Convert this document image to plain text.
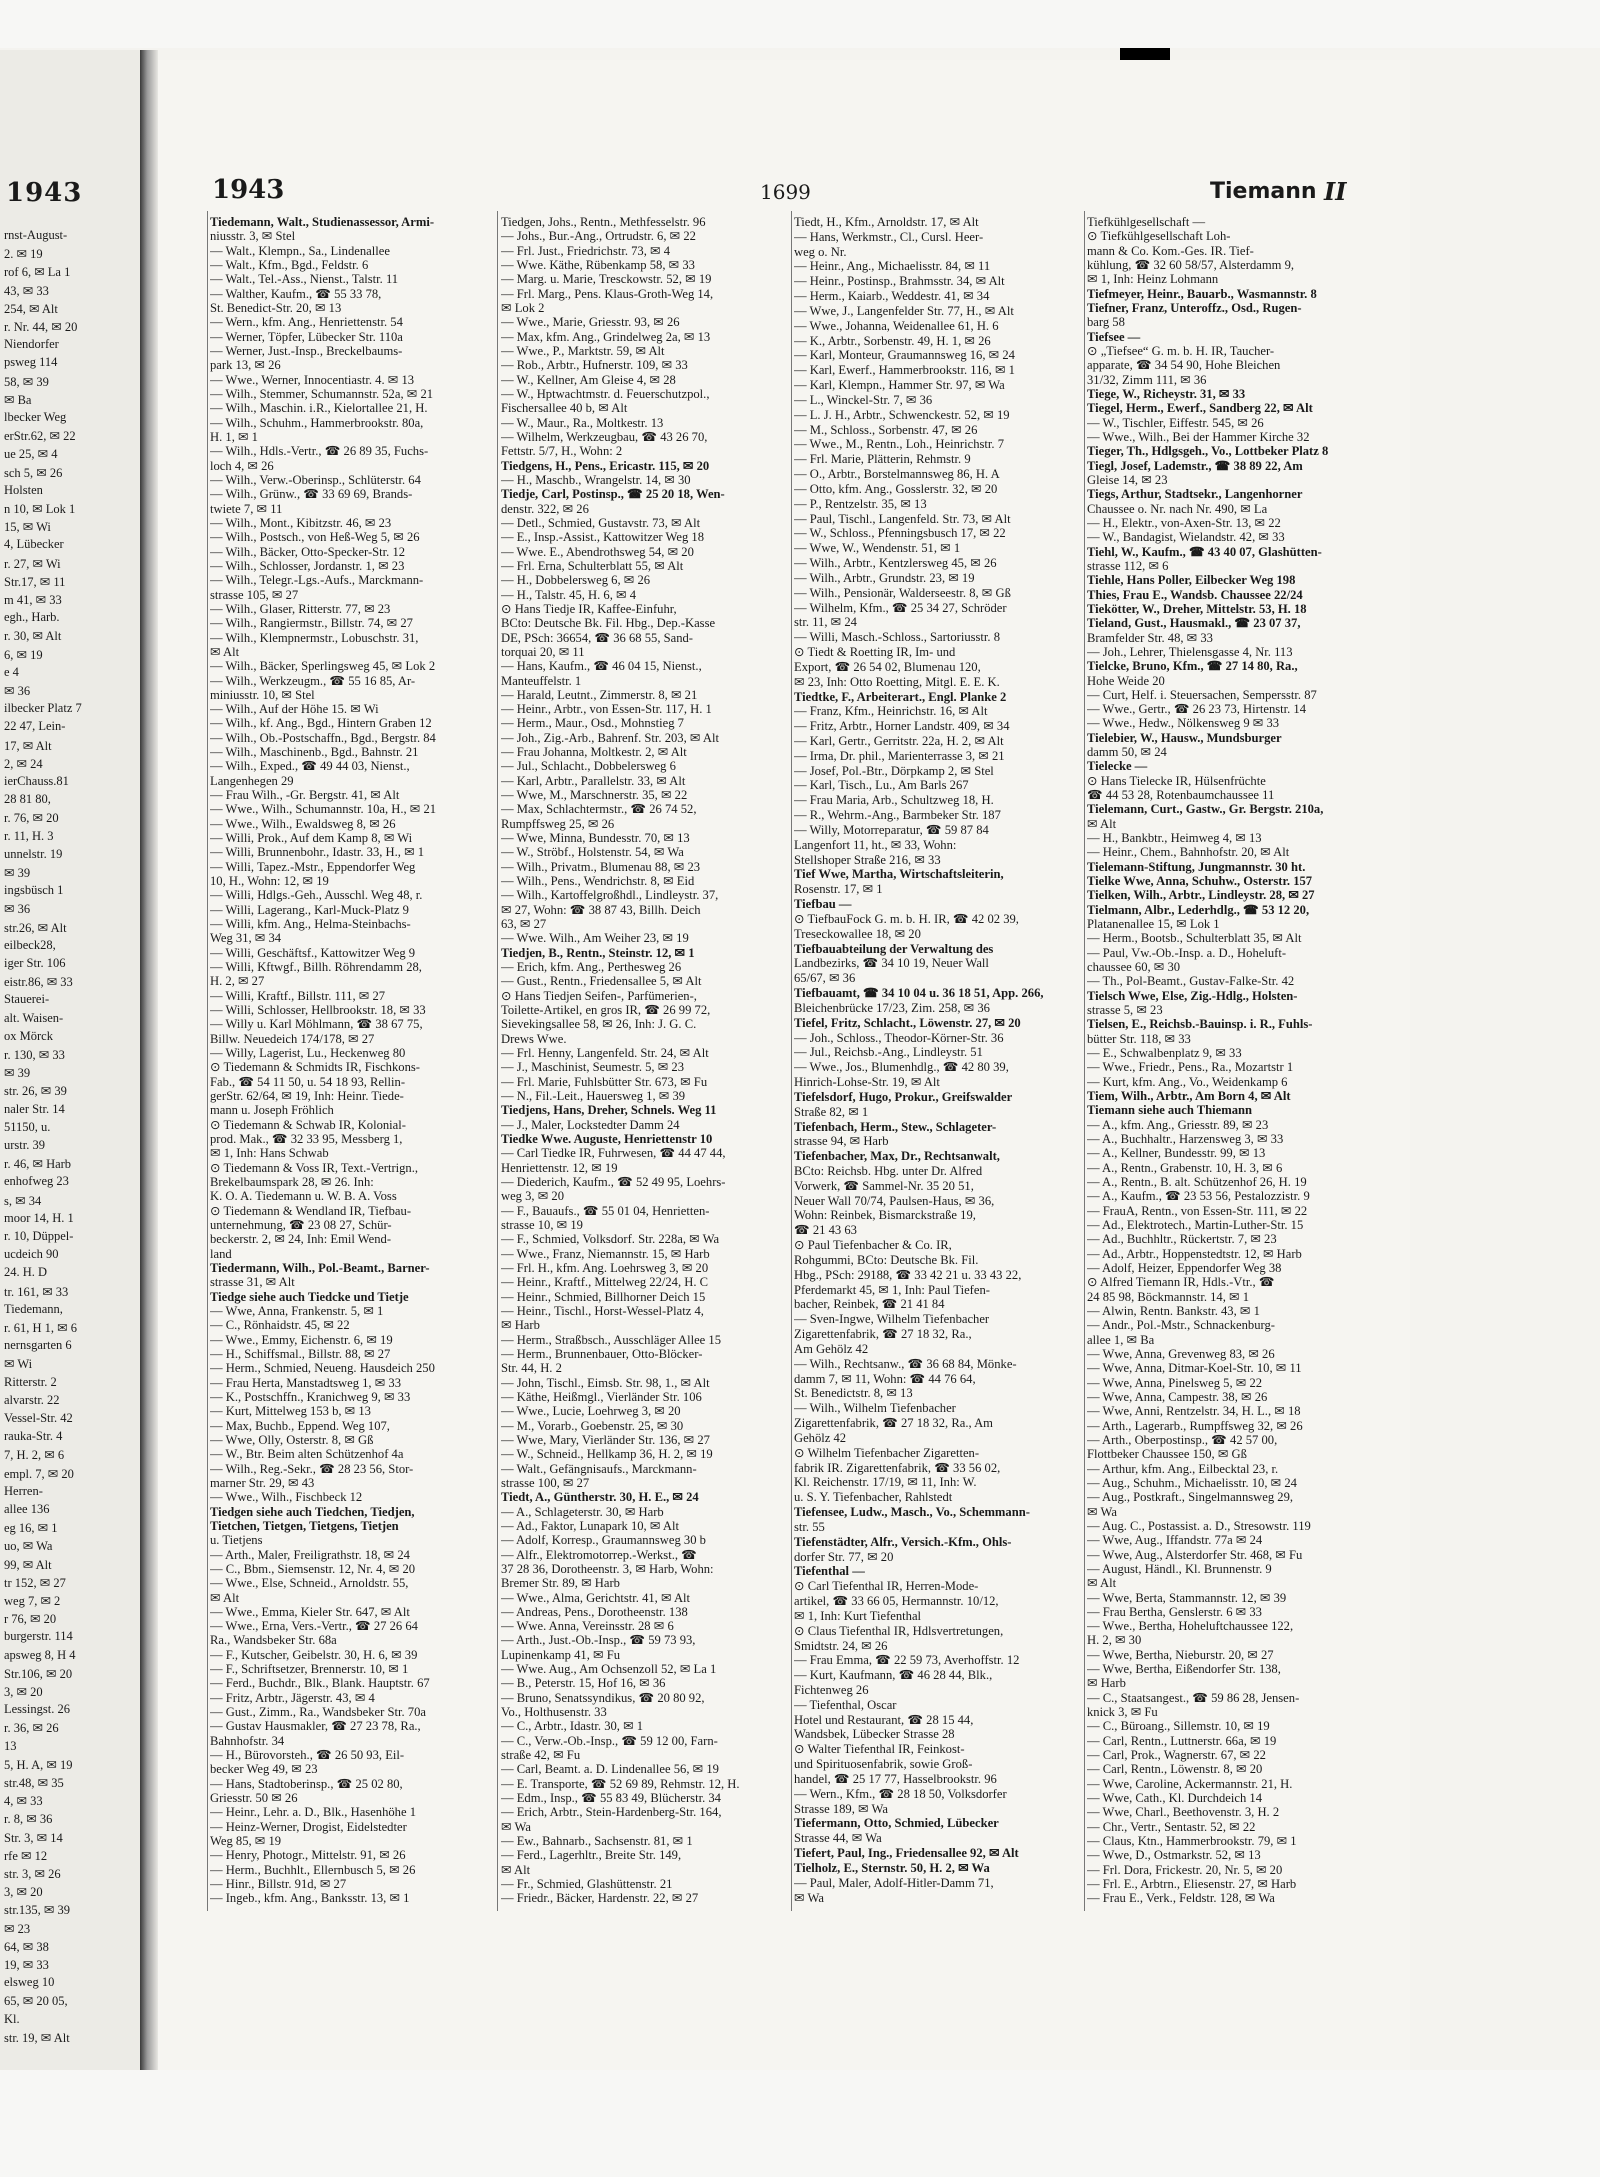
1943
rnst-August-
2. ✉ 19
rof 6, ✉ La 1
43, ✉ 33
254, ✉ Alt
r. Nr. 44, ✉ 20
Niendorfer
psweg 114
58, ✉ 39
✉ Ba
lbecker Weg
erStr.62, ✉ 22
ue 25, ✉ 4
sch 5, ✉ 26
Holsten
n 10, ✉ Lok 1
15, ✉ Wi
4, Lübecker
r. 27, ✉ Wi
Str.17, ✉ 11
m 41, ✉ 33
egh., Harb.
r. 30, ✉ Alt
6, ✉ 19
e 4
✉ 36
ilbecker Platz 7
22 47, Lein-
17, ✉ Alt
2, ✉ 24
ierChauss.81
28 81 80,
r. 76, ✉ 20
r. 11, H. 3
unnelstr. 19
✉ 39
ingsbüsch 1
✉ 36
str.26, ✉ Alt
eilbeck28,
iger Str. 106
eistr.86, ✉ 33
Stauerei-
alt. Waisen-
ox Mörck
r. 130, ✉ 33
✉ 39
str. 26, ✉ 39
naler Str. 14
51150, u.
urstr. 39
r. 46, ✉ Harb
enhofweg 23
s, ✉ 34
moor 14, H. 1
r. 10, Düppel-
ucdeich 90
24. H. D
tr. 161, ✉ 33
Tiedemann,
r. 61, H 1, ✉ 6
nernsgarten 6
✉ Wi
Ritterstr. 2
alvarstr. 22
Vessel-Str. 42
rauka-Str. 4
7, H. 2, ✉ 6
empl. 7, ✉ 20
Herren-
allee 136
eg 16, ✉ 1
uo, ✉ Wa
99, ✉ Alt
tr 152, ✉ 27
weg 7, ✉ 2
r 76, ✉ 20
burgerstr. 114
apsweg 8, H 4
Str.106, ✉ 20
3, ✉ 20
Lessingst. 26
r. 36, ✉ 26
13
5, H. A, ✉ 19
str.48, ✉ 35
4, ✉ 33
r. 8, ✉ 36
Str. 3, ✉ 14
rfe ✉ 12
str. 3, ✉ 26
3, ✉ 20
str.135, ✉ 39
✉ 23
64, ✉ 38
19, ✉ 33
elsweg 10
65, ✉ 20 05,
Kl.
str. 19, ✉ Alt
1943	1699	Tiemann II
Tiedemann, Walt., Studienassessor, Armi-
niusstr. 3, ✉ Stel
— Walt., Klempn., Sa., Lindenallee
— Walt., Kfm., Bgd., Feldstr. 6
— Walt., Tel.-Ass., Nienst., Talstr. 11
— Walther, Kaufm., ☎ 55 33 78,
St. Benedict-Str. 20, ✉ 13
— Wern., kfm. Ang., Henriettenstr. 54
— Werner, Töpfer, Lübecker Str. 110a
— Werner, Just.-Insp., Breckelbaums-
park 13, ✉ 26
— Wwe., Werner, Innocentiastr. 4. ✉ 13
— Wilh., Stemmer, Schumannstr. 52a, ✉ 21
— Wilh., Maschin. i.R., Kielortallee 21, H.
— Wilh., Schuhm., Hammerbrookstr. 80a,
H. 1, ✉ 1
— Wilh., Hdls.-Vertr., ☎ 26 89 35, Fuchs-
loch 4, ✉ 26
— Wilh., Verw.-Oberinsp., Schlüterstr. 64
— Wilh., Grünw., ☎ 33 69 69, Brands-
twiete 7, ✉ 11
— Wilh., Mont., Kibitzstr. 46, ✉ 23
— Wilh., Postsch., von Heß-Weg 5, ✉ 26
— Wilh., Bäcker, Otto-Specker-Str. 12
— Wilh., Schlosser, Jordanstr. 1, ✉ 23
— Wilh., Telegr.-Lgs.-Aufs., Marckmann-
strasse 105, ✉ 27
— Wilh., Glaser, Ritterstr. 77, ✉ 23
— Wilh., Rangiermstr., Billstr. 74, ✉ 27
— Wilh., Klempnermstr., Lobuschstr. 31,
✉ Alt
— Wilh., Bäcker, Sperlingsweg 45, ✉ Lok 2
— Wilh., Werkzeugm., ☎ 55 16 85, Ar-
miniusstr. 10, ✉ Stel
— Wilh., Auf der Höhe 15. ✉ Wi
— Wilh., kf. Ang., Bgd., Hintern Graben 12
— Wilh., Ob.-Postschaffn., Bgd., Bergstr. 84
— Wilh., Maschinenb., Bgd., Bahnstr. 21
— Wilh., Exped., ☎ 49 44 03, Nienst.,
Langenhegen 29
— Frau Wilh., -Gr. Bergstr. 41, ✉ Alt
— Wwe., Wilh., Schumannstr. 10a, H., ✉ 21
— Wwe., Wilh., Ewaldsweg 8, ✉ 26
— Willi, Prok., Auf dem Kamp 8, ✉ Wi
— Willi, Brunnenbohr., Idastr. 33, H., ✉ 1
— Willi, Tapez.-Mstr., Eppendorfer Weg
10, H., Wohn: 12, ✉ 19
— Willi, Hdlgs.-Geh., Ausschl. Weg 48, r.
— Willi, Lagerang., Karl-Muck-Platz 9
— Willi, kfm. Ang., Helma-Steinbachs-
Weg 31, ✉ 34
— Willi, Geschäftsf., Kattowitzer Weg 9
— Willi, Kftwgf., Billh. Röhrendamm 28,
H. 2, ✉ 27
— Willi, Kraftf., Billstr. 111, ✉ 27
— Willi, Schlosser, Hellbrookstr. 18, ✉ 33
— Willy u. Karl Möhlmann, ☎ 38 67 75,
Billw. Neuedeich 174/178, ✉ 27
— Willy, Lagerist, Lu., Heckenweg 80
⊙ Tiedemann & Schmidts IR, Fischkons-
Fab., ☎ 54 11 50, u. 54 18 93, Rellin-
gerStr. 62/64, ✉ 19, Inh: Heinr. Tiede-
mann u. Joseph Fröhlich
⊙ Tiedemann & Schwab IR, Kolonial-
prod. Mak., ☎ 32 33 95, Messberg 1,
✉ 1, Inh: Hans Schwab
⊙ Tiedemann & Voss IR, Text.-Vertrign.,
Brekelbaumspark 28, ✉ 26. Inh:
K. O. A. Tiedemann u. W. B. A. Voss
⊙ Tiedemann & Wendland IR, Tiefbau-
unternehmung, ☎ 23 08 27, Schür-
beckerstr. 2, ✉ 24, Inh: Emil Wend-
land
Tiedermann, Wilh., Pol.-Beamt., Barner-
strasse 31, ✉ Alt
Tiedge siehe auch Tiedcke und Tietje
— Wwe, Anna, Frankenstr. 5, ✉ 1
— C., Rönhaidstr. 45, ✉ 22
— Wwe., Emmy, Eichenstr. 6, ✉ 19
— H., Schiffsmal., Billstr. 88, ✉ 27
— Herm., Schmied, Neueng. Hausdeich 250
— Frau Herta, Manstadtsweg 1, ✉ 33
— K., Postschffn., Kranichweg 9, ✉ 33
— Kurt, Mittelweg 153 b, ✉ 13
— Max, Buchb., Eppend. Weg 107,
— Wwe, Olly, Osterstr. 8, ✉ Gß
— W., Btr. Beim alten Schützenhof 4a
— Wilh., Reg.-Sekr., ☎ 28 23 56, Stor-
marner Str. 29, ✉ 43
— Wwe., Wilh., Fischbeck 12
Tiedgen siehe auch Tiedchen, Tiedjen,
Tietchen, Tietgen, Tietgens, Tietjen
u. Tietjens
— Arth., Maler, Freiligrathstr. 18, ✉ 24
— C., Bbm., Siemsenstr. 12, Nr. 4, ✉ 20
— Wwe., Else, Schneid., Arnoldstr. 55,
✉ Alt
— Wwe., Emma, Kieler Str. 647, ✉ Alt
— Wwe., Erna, Vers.-Vertr., ☎ 27 26 64
Ra., Wandsbeker Str. 68a
— F., Kutscher, Geibelstr. 30, H. 6, ✉ 39
— F., Schriftsetzer, Brennerstr. 10, ✉ 1
— Ferd., Buchdr., Blk., Blank. Hauptstr. 67
— Fritz, Arbtr., Jägerstr. 43, ✉ 4
— Gust., Zimm., Ra., Wandsbeker Str. 70a
— Gustav Hausmakler, ☎ 27 23 78, Ra.,
Bahnhofstr. 34
— H., Bürovorsteh., ☎ 26 50 93, Eil-
becker Weg 49, ✉ 23
— Hans, Stadtoberinsp., ☎ 25 02 80,
Griesstr. 50 ✉ 26
— Heinr., Lehr. a. D., Blk., Hasenhöhe 1
— Heinz-Werner, Drogist, Eidelstedter
Weg 85, ✉ 19
— Henry, Photogr., Mittelstr. 91, ✉ 26
— Herm., Buchhlt., Ellernbusch 5, ✉ 26
— Hinr., Billstr. 91d, ✉ 27
— Ingeb., kfm. Ang., Banksstr. 13, ✉ 1
Tiedgen, Johs., Rentn., Methfesselstr. 96
— Johs., Bur.-Ang., Ortrudstr. 6, ✉ 22
— Frl. Just., Friedrichstr. 73, ✉ 4
— Wwe. Käthe, Rübenkamp 58, ✉ 33
— Marg. u. Marie, Tresckowstr. 52, ✉ 19
— Frl. Marg., Pens. Klaus-Groth-Weg 14,
✉ Lok 2
— Wwe., Marie, Griesstr. 93, ✉ 26
— Max, kfm. Ang., Grindelweg 2a, ✉ 13
— Wwe., P., Marktstr. 59, ✉ Alt
— Rob., Arbtr., Hufnerstr. 109, ✉ 33
— W., Kellner, Am Gleise 4, ✉ 28
— W., Hptwachtmstr. d. Feuerschutzpol.,
Fischersallee 40 b, ✉ Alt
— W., Maur., Ra., Moltkestr. 13
— Wilhelm, Werkzeugbau, ☎ 43 26 70,
Fettstr. 5/7, H., Wohn: 2
Tiedgens, H., Pens., Ericastr. 115, ✉ 20
— H., Maschb., Wrangelstr. 14, ✉ 30
Tiedje, Carl, Postinsp., ☎ 25 20 18, Wen-
denstr. 322, ✉ 26
— Detl., Schmied, Gustavstr. 73, ✉ Alt
— E., Insp.-Assist., Kattowitzer Weg 18
— Wwe. E., Abendrothsweg 54, ✉ 20
— Frl. Erna, Schulterblatt 55, ✉ Alt
— H., Dobbelersweg 6, ✉ 26
— H., Talstr. 45, H. 6, ✉ 4
⊙ Hans Tiedje IR, Kaffee-Einfuhr,
BCto: Deutsche Bk. Fil. Hbg., Dep.-Kasse
DE, PSch: 36654, ☎ 36 68 55, Sand-
torquai 20, ✉ 11
— Hans, Kaufm., ☎ 46 04 15, Nienst.,
Manteuffelstr. 1
— Harald, Leutnt., Zimmerstr. 8, ✉ 21
— Heinr., Arbtr., von Essen-Str. 117, H. 1
— Herm., Maur., Osd., Mohnstieg 7
— Joh., Zig.-Arb., Bahrenf. Str. 203, ✉ Alt
— Frau Johanna, Moltkestr. 2, ✉ Alt
— Jul., Schlacht., Dobbelersweg 6
— Karl, Arbtr., Parallelstr. 33, ✉ Alt
— Wwe, M., Marschnerstr. 35, ✉ 22
— Max, Schlachtermstr., ☎ 26 74 52,
Rumpffsweg 25, ✉ 26
— Wwe, Minna, Bundesstr. 70, ✉ 13
— W., Ströbf., Holstenstr. 54, ✉ Wa
— Wilh., Privatm., Blumenau 88, ✉ 23
— Wilh., Pens., Wendrichstr. 8, ✉ Eid
— Wilh., Kartoffelgroßhdl., Lindleystr. 37,
✉ 27, Wohn: ☎ 38 87 43, Billh. Deich
63, ✉ 27
— Wwe. Wilh., Am Weiher 23, ✉ 19
Tiedjen, B., Rentn., Steinstr. 12, ✉ 1
— Erich, kfm. Ang., Perthesweg 26
— Gust., Rentn., Friedensallee 5, ✉ Alt
⊙ Hans Tiedjen Seifen-, Parfümerien-,
Toilette-Artikel, en gros IR, ☎ 26 99 72,
Sievekingsallee 58, ✉ 26, Inh: J. G. C.
Drews Wwe.
— Frl. Henny, Langenfeld. Str. 24, ✉ Alt
— J., Maschinist, Seumestr. 5, ✉ 23
— Frl. Marie, Fuhlsbütter Str. 673, ✉ Fu
— N., Fil.-Leit., Hauersweg 1, ✉ 39
Tiedjens, Hans, Dreher, Schnels. Weg 11
— J., Maler, Lockstedter Damm 24
Tiedke Wwe. Auguste, Henriettenstr 10
— Carl Tiedke IR, Fuhrwesen, ☎ 44 47 44,
Henriettenstr. 12, ✉ 19
— Diederich, Kaufm., ☎ 52 49 95, Loehrs-
weg 3, ✉ 20
— F., Bauaufs., ☎ 55 01 04, Henrietten-
strasse 10, ✉ 19
— F., Schmied, Volksdorf. Str. 228a, ✉ Wa
— Wwe., Franz, Niemannstr. 15, ✉ Harb
— Frl. H., kfm. Ang. Loehrsweg 3, ✉ 20
— Heinr., Kraftf., Mittelweg 22/24, H. C
— Heinr., Schmied, Billhorner Deich 15
— Heinr., Tischl., Horst-Wessel-Platz 4,
✉ Harb
— Herm., Straßbsch., Ausschläger Allee 15
— Herm., Brunnenbauer, Otto-Blöcker-
Str. 44, H. 2
— John, Tischl., Eimsb. Str. 98, 1., ✉ Alt
— Käthe, Heißmgl., Vierländer Str. 106
— Wwe., Lucie, Loehrweg 3, ✉ 20
— M., Vorarb., Goebenstr. 25, ✉ 30
— Wwe, Mary, Vierländer Str. 136, ✉ 27
— W., Schneid., Hellkamp 36, H. 2, ✉ 19
— Walt., Gefängnisaufs., Marckmann-
strasse 100, ✉ 27
Tiedt, A., Güntherstr. 30, H. E., ✉ 24
— A., Schlageterstr. 30, ✉ Harb
— Ad., Faktor, Lunapark 10, ✉ Alt
— Adolf, Korresp., Graumannsweg 30 b
— Alfr., Elektromotorrep.-Werkst., ☎
37 28 36, Dorotheenstr. 3, ✉ Harb, Wohn:
Bremer Str. 89, ✉ Harb
— Wwe., Alma, Gerichtstr. 41, ✉ Alt
— Andreas, Pens., Dorotheenstr. 138
— Wwe. Anna, Vereinsstr. 28 ✉ 6
— Arth., Just.-Ob.-Insp., ☎ 59 73 93,
Lupinenkamp 41, ✉ Fu
— Wwe. Aug., Am Ochsenzoll 52, ✉ La 1
— B., Peterstr. 15, Hof 16, ✉ 36
— Bruno, Senatssyndikus, ☎ 20 80 92,
Vo., Holthusenstr. 33
— C., Arbtr., Idastr. 30, ✉ 1
— C., Verw.-Ob.-Insp., ☎ 59 12 00, Farn-
straße 42, ✉ Fu
— Carl, Beamt. a. D. Lindenallee 56, ✉ 19
— E. Transporte, ☎ 52 69 89, Rehmstr. 12, H.
— Edm., Insp., ☎ 55 83 49, Blücherstr. 34
— Erich, Arbtr., Stein-Hardenberg-Str. 164,
✉ Wa
— Ew., Bahnarb., Sachsenstr. 81, ✉ 1
— Ferd., Lagerhltr., Breite Str. 149,
✉ Alt
— Fr., Schmied, Glashüttenstr. 21
— Friedr., Bäcker, Hardenstr. 22, ✉ 27
Tiedt, H., Kfm., Arnoldstr. 17, ✉ Alt
— Hans, Werkmstr., Cl., Cursl. Heer-
weg o. Nr.
— Heinr., Ang., Michaelisstr. 84, ✉ 11
— Heinr., Postinsp., Brahmsstr. 34, ✉ Alt
— Herm., Kaiarb., Weddestr. 41, ✉ 34
— Wwe, J., Langenfelder Str. 77, H., ✉ Alt
— Wwe., Johanna, Weidenallee 61, H. 6
— K., Arbtr., Sorbenstr. 49, H. 1, ✉ 26
— Karl, Monteur, Graumannsweg 16, ✉ 24
— Karl, Ewerf., Hammerbrookstr. 116, ✉ 1
— Karl, Klempn., Hammer Str. 97, ✉ Wa
— L., Winckel-Str. 7, ✉ 36
— L. J. H., Arbtr., Schwenckestr. 52, ✉ 19
— M., Schloss., Sorbenstr. 47, ✉ 26
— Wwe., M., Rentn., Loh., Heinrichstr. 7
— Frl. Marie, Plätterin, Rehmstr. 9
— O., Arbtr., Borstelmannsweg 86, H. A
— Otto, kfm. Ang., Gosslerstr. 32, ✉ 20
— P., Rentzelstr. 35, ✉ 13
— Paul, Tischl., Langenfeld. Str. 73, ✉ Alt
— W., Schloss., Pfenningsbusch 17, ✉ 22
— Wwe, W., Wendenstr. 51, ✉ 1
— Wilh., Arbtr., Kentzlersweg 45, ✉ 26
— Wilh., Arbtr., Grundstr. 23, ✉ 19
— Wilh., Pensionär, Walderseestr. 8, ✉ Gß
— Wilhelm, Kfm., ☎ 25 34 27, Schröder
str. 11, ✉ 24
— Willi, Masch.-Schloss., Sartoriusstr. 8
⊙ Tiedt & Roetting IR, Im- und
Export, ☎ 26 54 02, Blumenau 120,
✉ 23, Inh: Otto Roetting, Mitgl. E. E. K.
Tiedtke, F., Arbeiterart., Engl. Planke 2
— Franz, Kfm., Heinrichstr. 16, ✉ Alt
— Fritz, Arbtr., Horner Landstr. 409, ✉ 34
— Karl, Gertr., Gerritstr. 22a, H. 2, ✉ Alt
— Irma, Dr. phil., Marienterrasse 3, ✉ 21
— Josef, Pol.-Btr., Dörpkamp 2, ✉ Stel
— Karl, Tisch., Lu., Am Barls 267
— Frau Maria, Arb., Schultzweg 18, H.
— R., Wehrm.-Ang., Barmbeker Str. 187
— Willy, Motorreparatur, ☎ 59 87 84
Langenfort 11, ht., ✉ 33, Wohn:
Stellshoper Straße 216, ✉ 33
Tief Wwe, Martha, Wirtschaftsleiterin,
Rosenstr. 17, ✉ 1
Tiefbau —
⊙ TiefbauFock G. m. b. H. IR, ☎ 42 02 39,
Treseckowallee 18, ✉ 20
Tiefbauabteilung der Verwaltung des
Landbezirks, ☎ 34 10 19, Neuer Wall
65/67, ✉ 36
Tiefbauamt, ☎ 34 10 04 u. 36 18 51, App. 266,
Bleichenbrücke 17/23, Zim. 258, ✉ 36
Tiefel, Fritz, Schlacht., Löwenstr. 27, ✉ 20
— Joh., Schloss., Theodor-Körner-Str. 36
— Jul., Reichsb.-Ang., Lindleystr. 51
— Wwe., Jos., Blumenhdlg., ☎ 42 80 39,
Hinrich-Lohse-Str. 19, ✉ Alt
Tiefelsdorf, Hugo, Prokur., Greifswalder
Straße 82, ✉ 1
Tiefenbach, Herm., Stew., Schlageter-
strasse 94, ✉ Harb
Tiefenbacher, Max, Dr., Rechtsanwalt,
BCto: Reichsb. Hbg. unter Dr. Alfred
Vorwerk, ☎ Sammel-Nr. 35 20 51,
Neuer Wall 70/74, Paulsen-Haus, ✉ 36,
Wohn: Reinbek, Bismarckstraße 19,
☎ 21 43 63
⊙ Paul Tiefenbacher & Co. IR,
Rohgummi, BCto: Deutsche Bk. Fil.
Hbg., PSch: 29188, ☎ 33 42 21 u. 33 43 22,
Pferdemarkt 45, ✉ 1, Inh: Paul Tiefen-
bacher, Reinbek, ☎ 21 41 84
— Sven-Ingwe, Wilhelm Tiefenbacher
Zigarettenfabrik, ☎ 27 18 32, Ra.,
Am Gehölz 42
— Wilh., Rechtsanw., ☎ 36 68 84, Mönke-
damm 7, ✉ 11, Wohn: ☎ 44 76 64,
St. Benedictstr. 8, ✉ 13
— Wilh., Wilhelm Tiefenbacher
Zigarettenfabrik, ☎ 27 18 32, Ra., Am
Gehölz 42
⊙ Wilhelm Tiefenbacher Zigaretten-
fabrik IR. Zigarettenfabrik, ☎ 33 56 02,
Kl. Reichenstr. 17/19, ✉ 11, Inh: W.
u. S. Y. Tiefenbacher, Rahlstedt
Tiefensee, Ludw., Masch., Vo., Schemmann-
str. 55
Tiefenstädter, Alfr., Versich.-Kfm., Ohls-
dorfer Str. 77, ✉ 20
Tiefenthal —
⊙ Carl Tiefenthal IR, Herren-Mode-
artikel, ☎ 33 66 05, Hermannstr. 10/12,
✉ 1, Inh: Kurt Tiefenthal
⊙ Claus Tiefenthal IR, Hdlsvertretungen,
Smidtstr. 24, ✉ 26
— Frau Emma, ☎ 22 59 73, Averhoffstr. 12
— Kurt, Kaufmann, ☎ 46 28 44, Blk.,
Fichtenweg 26
— Tiefenthal, Oscar
Hotel und Restaurant, ☎ 28 15 44,
Wandsbek, Lübecker Strasse 28
⊙ Walter Tiefenthal IR, Feinkost-
und Spirituosenfabrik, sowie Groß-
handel, ☎ 25 17 77, Hasselbrookstr. 96
— Wern., Kfm., ☎ 28 18 50, Volksdorfer
Strasse 189, ✉ Wa
Tiefermann, Otto, Schmied, Lübecker
Strasse 44, ✉ Wa
Tiefert, Paul, Ing., Friedensallee 92, ✉ Alt
Tielholz, E., Sternstr. 50, H. 2, ✉ Wa
— Paul, Maler, Adolf-Hitler-Damm 71,
✉ Wa
Tiefkühlgesellschaft —
⊙ Tiefkühlgesellschaft Loh-
mann & Co. Kom.-Ges. IR. Tief-
kühlung, ☎ 32 60 58/57, Alsterdamm 9,
✉ 1, Inh: Heinz Lohmann
Tiefmeyer, Heinr., Bauarb., Wasmannstr. 8
Tiefner, Franz, Unteroffz., Osd., Rugen-
barg 58
Tiefsee —
⊙ „Tiefsee“ G. m. b. H. IR, Taucher-
apparate, ☎ 34 54 90, Hohe Bleichen
31/32, Zimm 111, ✉ 36
Tiege, W., Richeystr. 31, ✉ 33
Tiegel, Herm., Ewerf., Sandberg 22, ✉ Alt
— W., Tischler, Eiffestr. 545, ✉ 26
— Wwe., Wilh., Bei der Hammer Kirche 32
Tieger, Th., Hdlgsgeh., Vo., Lottbeker Platz 8
Tiegl, Josef, Lademstr., ☎ 38 89 22, Am
Gleise 14, ✉ 23
Tiegs, Arthur, Stadtsekr., Langenhorner
Chaussee o. Nr. nach Nr. 490, ✉ La
— H., Elektr., von-Axen-Str. 13, ✉ 22
— W., Bandagist, Wielandstr. 42, ✉ 33
Tiehl, W., Kaufm., ☎ 43 40 07, Glashütten-
strasse 112, ✉ 6
Tiehle, Hans Poller, Eilbecker Weg 198
Thies, Frau E., Wandsb. Chaussee 22/24
Tiekötter, W., Dreher, Mittelstr. 53, H. 18
Tieland, Gust., Hausmakl., ☎ 23 07 37,
Bramfelder Str. 48, ✉ 33
— Joh., Lehrer, Thielensgasse 4, Nr. 113
Tielcke, Bruno, Kfm., ☎ 27 14 80, Ra.,
Hohe Weide 20
— Curt, Helf. i. Steuersachen, Sempersstr. 87
— Wwe., Gertr., ☎ 26 23 73, Hirtenstr. 14
— Wwe., Hedw., Nölkensweg 9 ✉ 33
Tielebier, W., Hausw., Mundsburger
damm 50, ✉ 24
Tielecke —
⊙ Hans Tielecke IR, Hülsenfrüchte
☎ 44 53 28, Rotenbaumchaussee 11
Tielemann, Curt., Gastw., Gr. Bergstr. 210a,
✉ Alt
— H., Bankbtr., Heimweg 4, ✉ 13
— Heinr., Chem., Bahnhofstr. 20, ✉ Alt
Tielemann-Stiftung, Jungmannstr. 30 ht.
Tielke Wwe, Anna, Schuhw., Osterstr. 157
Tielken, Wilh., Arbtr., Lindleystr. 28, ✉ 27
Tielmann, Albr., Lederhdlg., ☎ 53 12 20,
Platanenallee 15, ✉ Lok 1
— Herm., Bootsb., Schulterblatt 35, ✉ Alt
— Paul, Vw.-Ob.-Insp. a. D., Hoheluft-
chaussee 60, ✉ 30
— Th., Pol-Beamt., Gustav-Falke-Str. 42
Tielsch Wwe, Else, Zig.-Hdlg., Holsten-
strasse 5, ✉ 23
Tielsen, E., Reichsb.-Bauinsp. i. R., Fuhls-
bütter Str. 118, ✉ 33
— E., Schwalbenplatz 9, ✉ 33
— Wwe., Friedr., Pens., Ra., Mozartstr 1
— Kurt, kfm. Ang., Vo., Weidenkamp 6
Tiem, Wilh., Arbtr., Am Born 4, ✉ Alt
Tiemann siehe auch Thiemann
— A., kfm. Ang., Griesstr. 89, ✉ 23
— A., Buchhaltr., Harzensweg 3, ✉ 33
— A., Kellner, Bundesstr. 99, ✉ 13
— A., Rentn., Grabenstr. 10, H. 3, ✉ 6
— A., Rentn., B. alt. Schützenhof 26, H. 19
— A., Kaufm., ☎ 23 53 56, Pestalozzistr. 9
— FrauA, Rentn., von Essen-Str. 111, ✉ 22
— Ad., Elektrotech., Martin-Luther-Str. 15
— Ad., Buchhltr., Rückertstr. 7, ✉ 23
— Ad., Arbtr., Hoppenstedtstr. 12, ✉ Harb
— Adolf, Heizer, Eppendorfer Weg 38
⊙ Alfred Tiemann IR, Hdls.-Vtr., ☎
24 85 98, Böckmannstr. 14, ✉ 1
— Alwin, Rentn. Bankstr. 43, ✉ 1
— Andr., Pol.-Mstr., Schnackenburg-
allee 1, ✉ Ba
— Wwe, Anna, Grevenweg 83, ✉ 26
— Wwe, Anna, Ditmar-Koel-Str. 10, ✉ 11
— Wwe, Anna, Pinelsweg 5, ✉ 22
— Wwe, Anna, Campestr. 38, ✉ 26
— Wwe, Anni, Rentzelstr. 34, H. L., ✉ 18
— Arth., Lagerarb., Rumpffsweg 32, ✉ 26
— Arth., Oberpostinsp., ☎ 42 57 00,
Flottbeker Chaussee 150, ✉ Gß
— Arthur, kfm. Ang., Eilbecktal 23, r.
— Aug., Schuhm., Michaelisstr. 10, ✉ 24
— Aug., Postkraft., Singelmannsweg 29,
✉ Wa
— Aug. C., Postassist. a. D., Stresowstr. 119
— Wwe, Aug., Iffandstr. 77a ✉ 24
— Wwe, Aug., Alsterdorfer Str. 468, ✉ Fu
— August, Händl., Kl. Brunnenstr. 9
✉ Alt
— Wwe, Berta, Stammannstr. 12, ✉ 39
— Frau Bertha, Genslerstr. 6 ✉ 33
— Wwe., Bertha, Hoheluftchaussee 122,
H. 2, ✉ 30
— Wwe, Bertha, Nieburstr. 20, ✉ 27
— Wwe, Bertha, Eißendorfer Str. 138,
✉ Harb
— C., Staatsangest., ☎ 59 86 28, Jensen-
knick 3, ✉ Fu
— C., Büroang., Sillemstr. 10, ✉ 19
— Carl, Rentn., Luttnerstr. 66a, ✉ 19
— Carl, Prok., Wagnerstr. 67, ✉ 22
— Carl, Rentn., Löwenstr. 8, ✉ 20
— Wwe, Caroline, Ackermannstr. 21, H.
— Wwe, Cath., Kl. Durchdeich 14
— Wwe, Charl., Beethovenstr. 3, H. 2
— Chr., Vertr., Sentastr. 52, ✉ 22
— Claus, Ktn., Hammerbrookstr. 79, ✉ 1
— Wwe, D., Ostmarkstr. 52, ✉ 13
— Frl. Dora, Frickestr. 20, Nr. 5, ✉ 20
— Frl. E., Arbtrn., Eliesenstr. 27, ✉ Harb
— Frau E., Verk., Feldstr. 128, ✉ Wa
